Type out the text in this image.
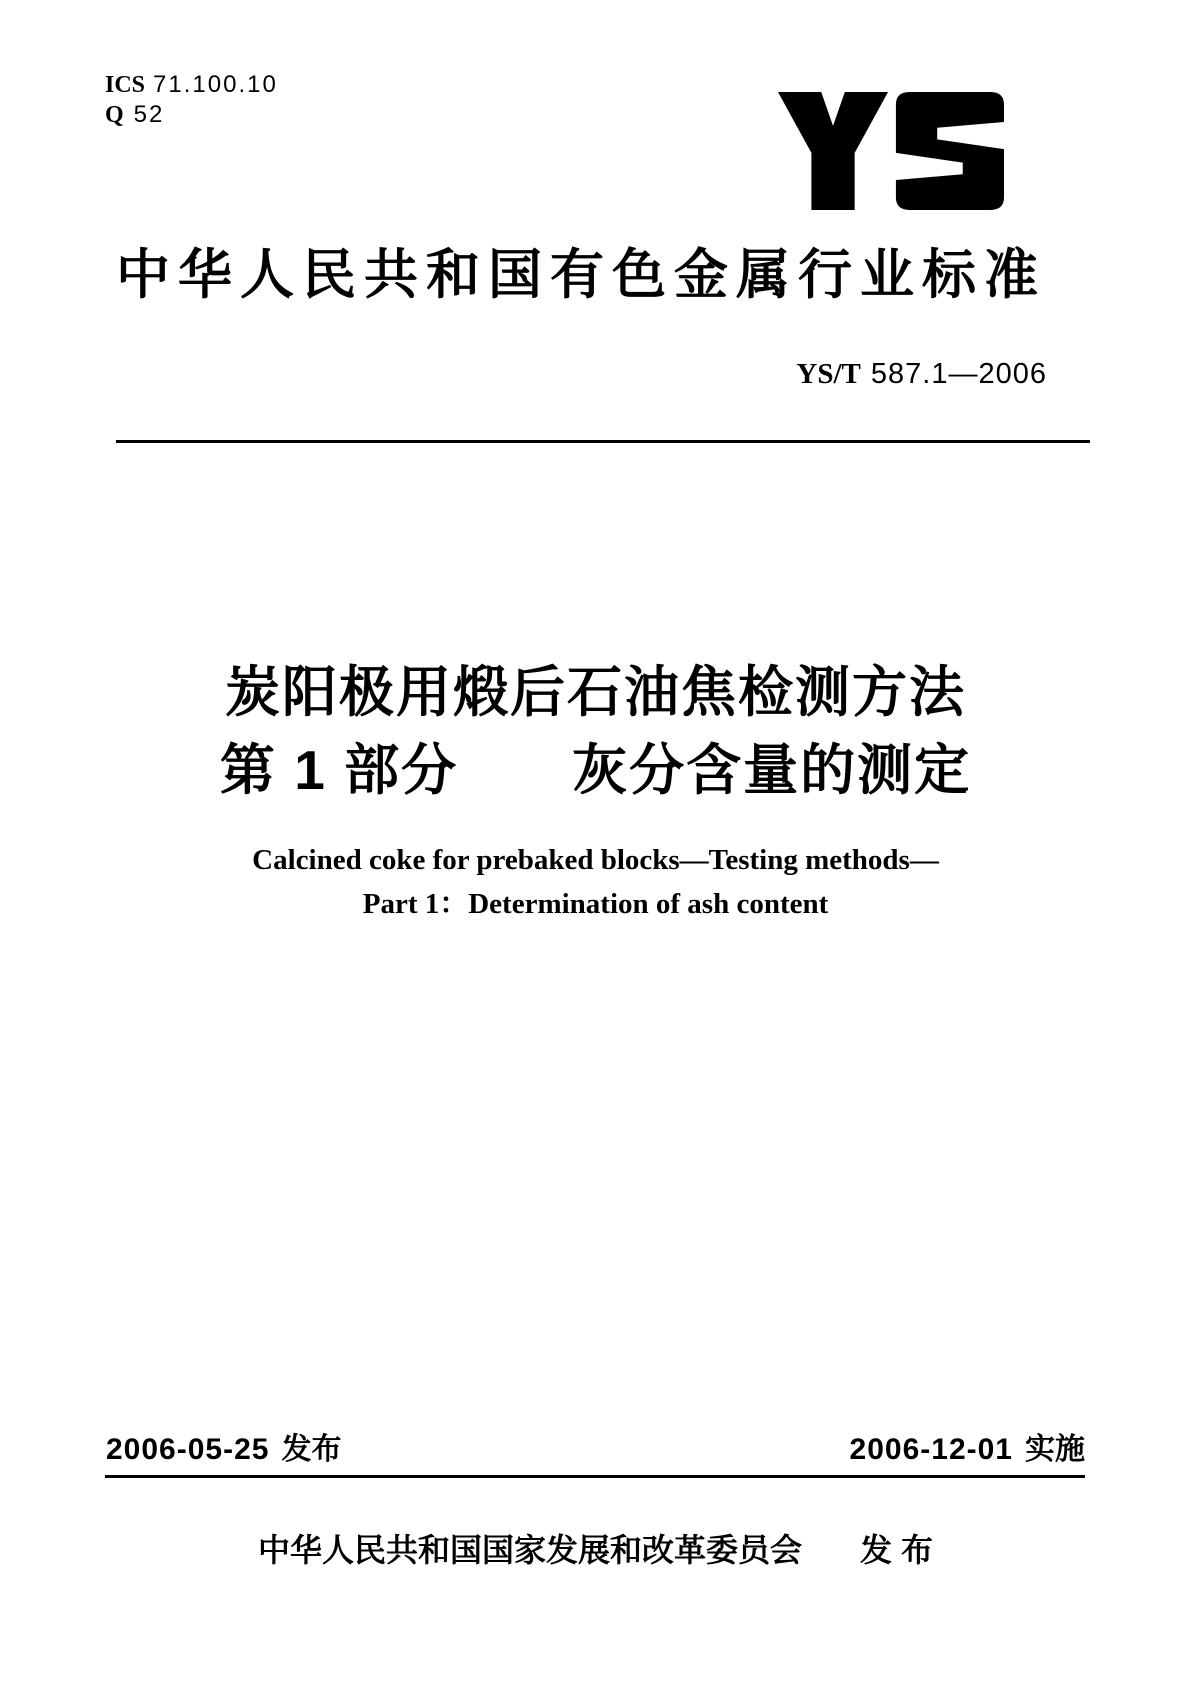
ICS 71.100.10
Q 52
中华人民共和国有色金属行业标准
YS/T 587.1—2006
炭阳极用煅后石油焦检测方法
第 1 部分　　灰分含量的测定
Calcined coke for prebaked blocks—Testing methods—
Part 1：Determination of ash content
2006-05-25 发布	2006-12-01 实施
中华人民共和国国家发展和改革委员会 发 布
